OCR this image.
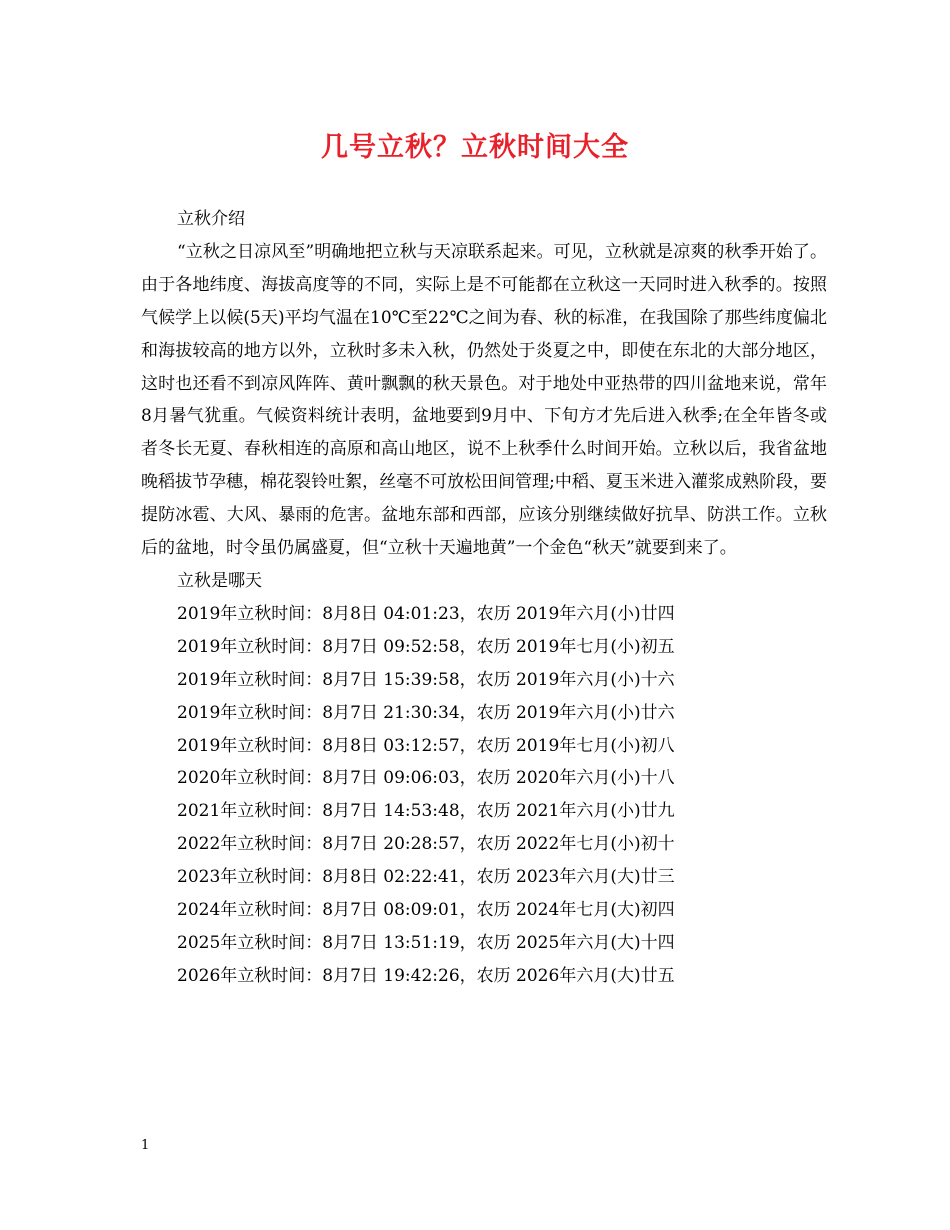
几号立秋？立秋时间大全

立秋介绍

“立秋之日凉风至”明确地把立秋与天凉联系起来。可见，立秋就是凉爽的秋季开始了。由于各地纬度、海拔高度等的不同，实际上是不可能都在立秋这一天同时进入秋季的。按照气候学上以候(5天)平均气温在10℃至22℃之间为春、秋的标准，在我国除了那些纬度偏北和海拔较高的地方以外，立秋时多未入秋，仍然处于炎夏之中，即使在东北的大部分地区，这时也还看不到凉风阵阵、黄叶飘飘的秋天景色。对于地处中亚热带的四川盆地来说，常年8月暑气犹重。气候资料统计表明，盆地要到9月中、下旬方才先后进入秋季;在全年皆冬或者冬长无夏、春秋相连的高原和高山地区，说不上秋季什么时间开始。立秋以后，我省盆地晚稻拔节孕穗，棉花裂铃吐絮，丝毫不可放松田间管理;中稻、夏玉米进入灌浆成熟阶段，要提防冰雹、大风、暴雨的危害。盆地东部和西部，应该分别继续做好抗旱、防洪工作。立秋后的盆地，时令虽仍属盛夏，但“立秋十天遍地黄”一个金色“秋天”就要到来了。

立秋是哪天

2019年立秋时间：8月8日 04:01:23，农历 2019年六月(小)廿四
2019年立秋时间：8月7日 09:52:58，农历 2019年七月(小)初五
2019年立秋时间：8月7日 15:39:58，农历 2019年六月(小)十六
2019年立秋时间：8月7日 21:30:34，农历 2019年六月(小)廿六
2019年立秋时间：8月8日 03:12:57，农历 2019年七月(小)初八
2020年立秋时间：8月7日 09:06:03，农历 2020年六月(小)十八
2021年立秋时间：8月7日 14:53:48，农历 2021年六月(小)廿九
2022年立秋时间：8月7日 20:28:57，农历 2022年七月(小)初十
2023年立秋时间：8月8日 02:22:41，农历 2023年六月(大)廿三
2024年立秋时间：8月7日 08:09:01，农历 2024年七月(大)初四
2025年立秋时间：8月7日 13:51:19，农历 2025年六月(大)十四
2026年立秋时间：8月7日 19:42:26，农历 2026年六月(大)廿五
1
